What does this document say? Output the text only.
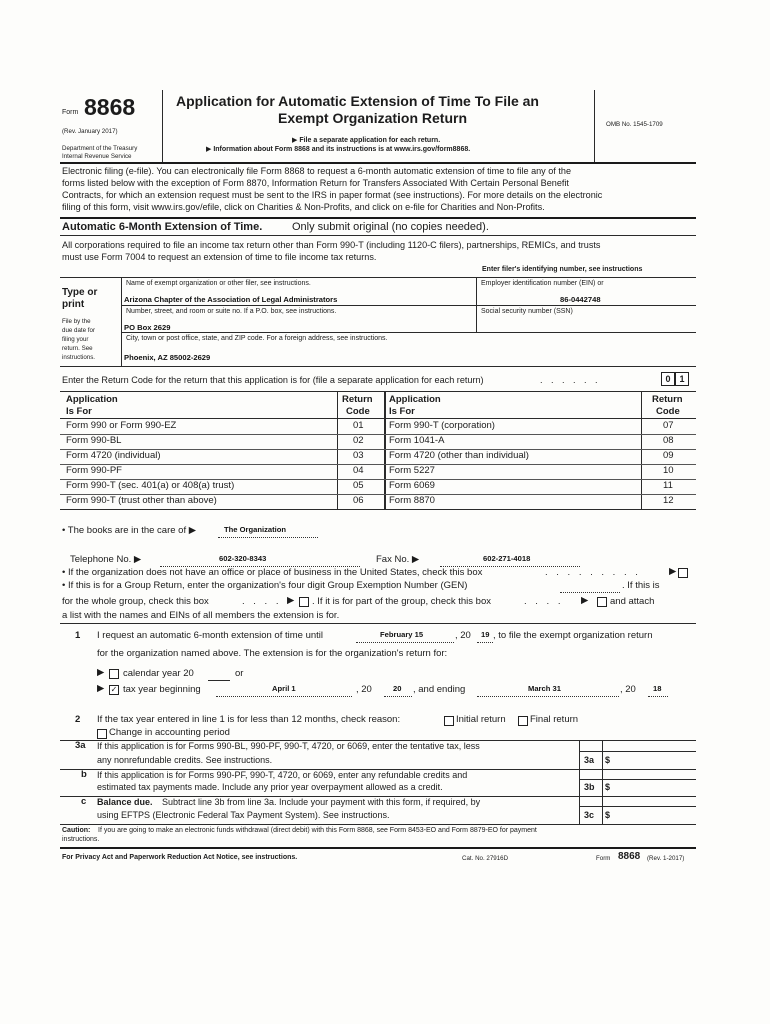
Form 8868
(Rev. January 2017)
Department of the Treasury
Internal Revenue Service
Application for Automatic Extension of Time To File an
Exempt Organization Return
▶ File a separate application for each return.
▶ Information about Form 8868 and its instructions is at www.irs.gov/form8868.
OMB No. 1545-1709
Electronic filing (e-file). You can electronically file Form 8868 to request a 6-month automatic extension of time to file any of the
forms listed below with the exception of Form 8870, Information Return for Transfers Associated With Certain Personal Benefit
Contracts, for which an extension request must be sent to the IRS in paper format (see instructions). For more details on the electronic
filing of this form, visit www.irs.gov/efile, click on Charities & Non-Profits, and click on e-file for Charities and Non-Profits.
Automatic 6-Month Extension of Time.	Only submit original (no copies needed).
All corporations required to file an income tax return other than Form 990-T (including 1120-C filers), partnerships, REMICs, and trusts
must use Form 7004 to request an extension of time to file income tax returns.
Enter filer's identifying number, see instructions
Type or
print
File by the
due date for
filing your
return. See
instructions.
Name of exempt organization or other filer, see instructions.
Arizona Chapter of the Association of Legal Administrators
Employer identification number (EIN) or
86-0442748
Number, street, and room or suite no. If a P.O. box, see instructions.
PO Box 2629
Social security number (SSN)
City, town or post office, state, and ZIP code. For a foreign address, see instructions.
Phoenix, AZ 85002-2629
Enter the Return Code for the return that this application is for (file a separate application for each return)	. . . . . .	0 1
Application
Is For
Return
Code
Application
Is For
Return
Code
Form 990 or Form 990-EZ	01	Form 990-T (corporation)	07
Form 990-BL	02	Form 1041-A	08
Form 4720 (individual)	03	Form 4720 (other than individual)	09
Form 990-PF	04	Form 5227	10
Form 990-T (sec. 401(a) or 408(a) trust)	05	Form 6069	11
Form 990-T (trust other than above)	06	Form 8870	12
• The books are in the care of ▶	The Organization
Telephone No. ▶	602-320-8343	Fax No. ▶	602-271-4018
• If the organization does not have an office or place of business in the United States, check this box	. . . . . . . . .	▶
• If this is for a Group Return, enter the organization's four digit Group Exemption Number (GEN)	. If this is
for the whole group, check this box	. . . . ▶ . If it is for part of the group, check this box	. . . . ▶ and attach
a list with the names and EINs of all members the extension is for.
1 I request an automatic 6-month extension of time until	February 15	, 20 19 , to file the exempt organization return
for the organization named above. The extension is for the organization's return for:
▶ calendar year 20	or
▶ ✓ tax year beginning	April 1	, 20	20 , and ending	March 31	, 20 18
2 If the tax year entered in line 1 is for less than 12 months, check reason:	Initial return	Final return
Change in accounting period
3a If this application is for Forms 990-BL, 990-PF, 990-T, 4720, or 6069, enter the tentative tax, less
any nonrefundable credits. See instructions.	3a $
b If this application is for Forms 990-PF, 990-T, 4720, or 6069, enter any refundable credits and
estimated tax payments made. Include any prior year overpayment allowed as a credit.	3b $
c Balance due. Subtract line 3b from line 3a. Include your payment with this form, if required, by
using EFTPS (Electronic Federal Tax Payment System). See instructions.	3c $
Caution: If you are going to make an electronic funds withdrawal (direct debit) with this Form 8868, see Form 8453-EO and Form 8879-EO for payment
instructions.
For Privacy Act and Paperwork Reduction Act Notice, see instructions.	Cat. No. 27916D	Form 8868 (Rev. 1-2017)
